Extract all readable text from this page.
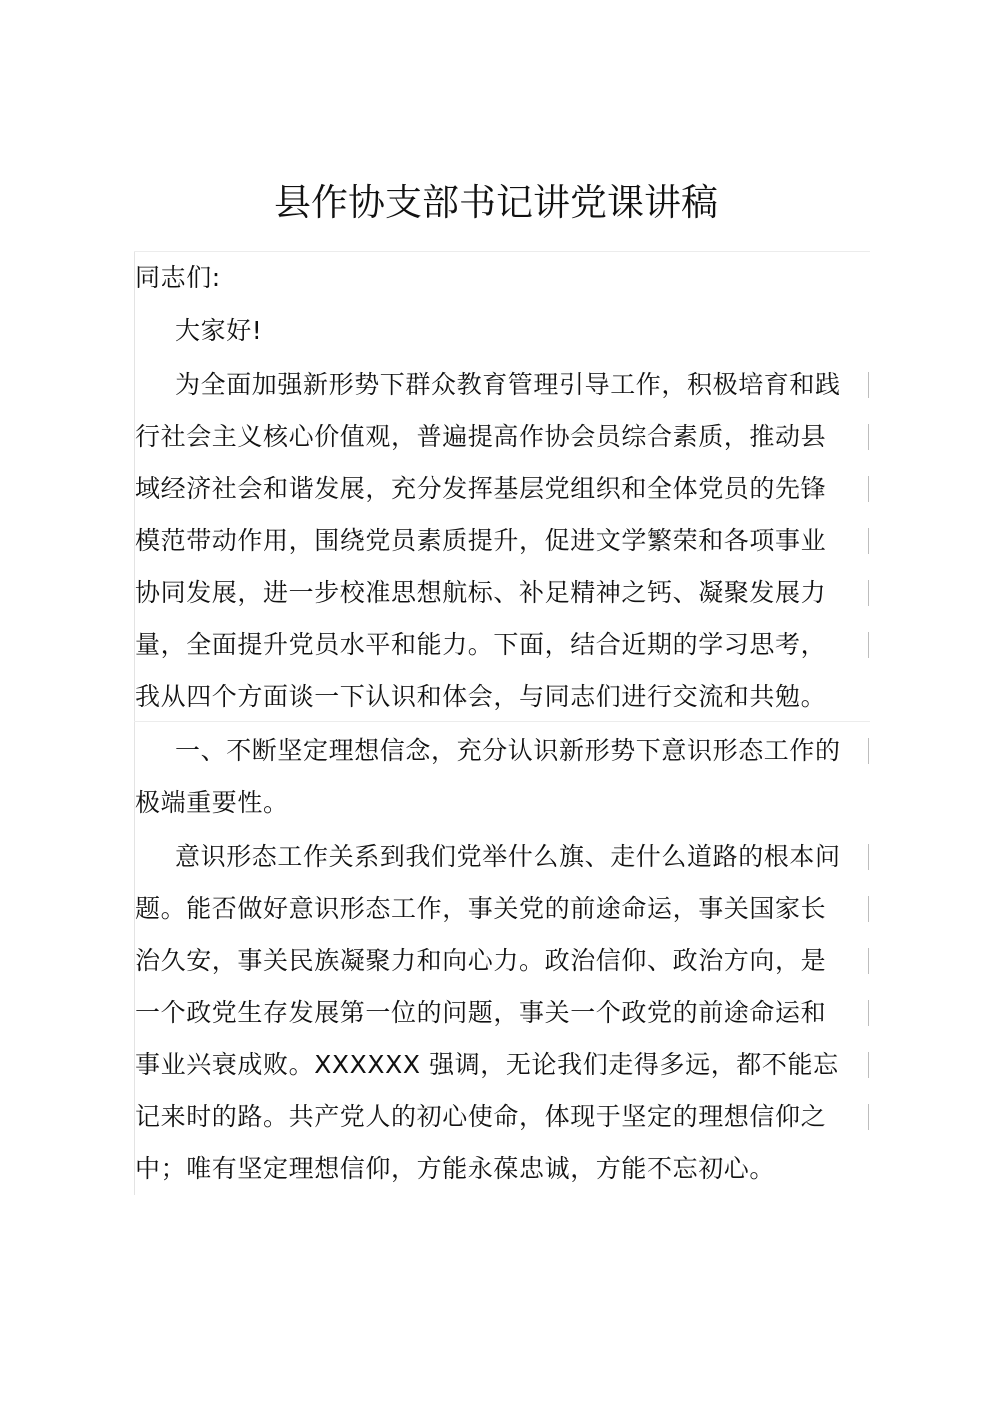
县作协支部书记讲党课讲稿
同志们:
大家好!
为全面加强新形势下群众教育管理引导工作，积极培育和践
行社会主义核心价值观，普遍提高作协会员综合素质，推动县
域经济社会和谐发展，充分发挥基层党组织和全体党员的先锋
模范带动作用，围绕党员素质提升，促进文学繁荣和各项事业
协同发展，进一步校准思想航标、补足精神之钙、凝聚发展力
量，全面提升党员水平和能力。下面，结合近期的学习思考，
我从四个方面谈一下认识和体会，与同志们进行交流和共勉。
一、不断坚定理想信念，充分认识新形势下意识形态工作的
极端重要性。
意识形态工作关系到我们党举什么旗、走什么道路的根本问
题。能否做好意识形态工作，事关党的前途命运，事关国家长
治久安，事关民族凝聚力和向心力。政治信仰、政治方向，是
一个政党生存发展第一位的问题，事关一个政党的前途命运和
事业兴衰成败。XXXXXX 强调，无论我们走得多远，都不能忘
记来时的路。共产党人的初心使命，体现于坚定的理想信仰之
中；唯有坚定理想信仰，方能永葆忠诚，方能不忘初心。
